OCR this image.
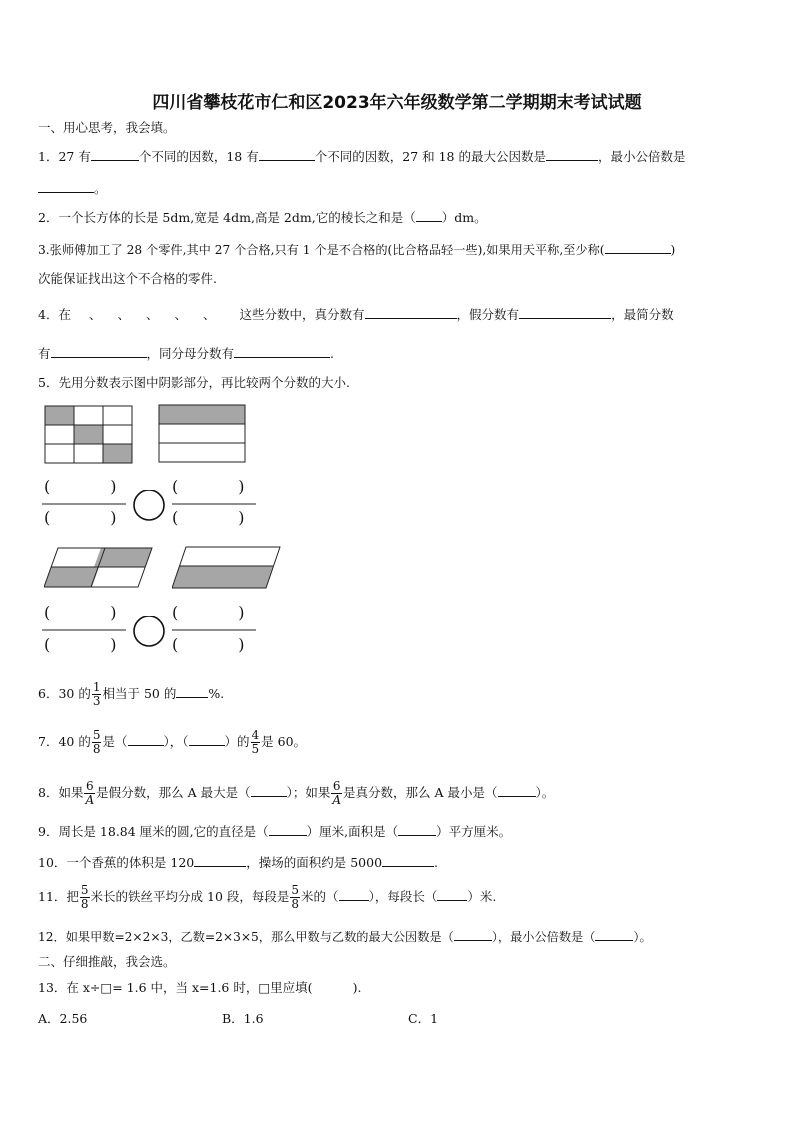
四川省攀枝花市仁和区2023年六年级数学第二学期期末考试试题
一、用心思考，我会填。
1．27 有	个不同的因数，18 有	个不同的因数，27 和 18 的最大公因数是	，最小公倍数是
。
2．一个长方体的长是 5dm,宽是 4dm,高是 2dm,它的棱长之和是（ ）dm。
3.张师傅加工了 28 个零件,其中 27 个合格,只有 1 个是不合格的(比合格品轻一些),如果用天平称,至少称(	)
次能保证找出这个不合格的零件.
4．在 、 、 、 、 、 这些分数中，真分数有	，假分数有	，最简分数
有	，同分母分数有	.
5．先用分数表示图中阴影部分，再比较两个分数的大小.
(	)
(	)
(	)
(	)
(	)
(	)
(	)
(	)
6．30 的 $\frac{1}{3}$ 相当于 50 的	%.
7．40 的 $\frac{5}{8}$ 是（	），（	）的 $\frac{4}{5}$ 是 60。
8．如果 $\frac{6}{A}$ 是假分数，那么 A 最大是（	）；如果 $\frac{6}{A}$ 是真分数，那么 A 最小是（	）。
9．周长是 18.84 厘米的圆,它的直径是（	）厘米,面积是（	）平方厘米。
10．一个香蕉的体积是 120	，操场的面积约是 5000	.
11．把 $\frac{5}{8}$ 米长的铁丝平均分成 10 段，每段是 $\frac{5}{8}$ 米的（ ），每段长（ ）米.
12．如果甲数=2×2×3，乙数=2×3×5，那么甲数与乙数的最大公因数是（	），最小公倍数是（	）。
二、仔细推敲，我会选。
13．在 x÷□= 1.6 中，当 x=1.6 时，□里应填(	).
A．2.56	B．1.6	C．1
